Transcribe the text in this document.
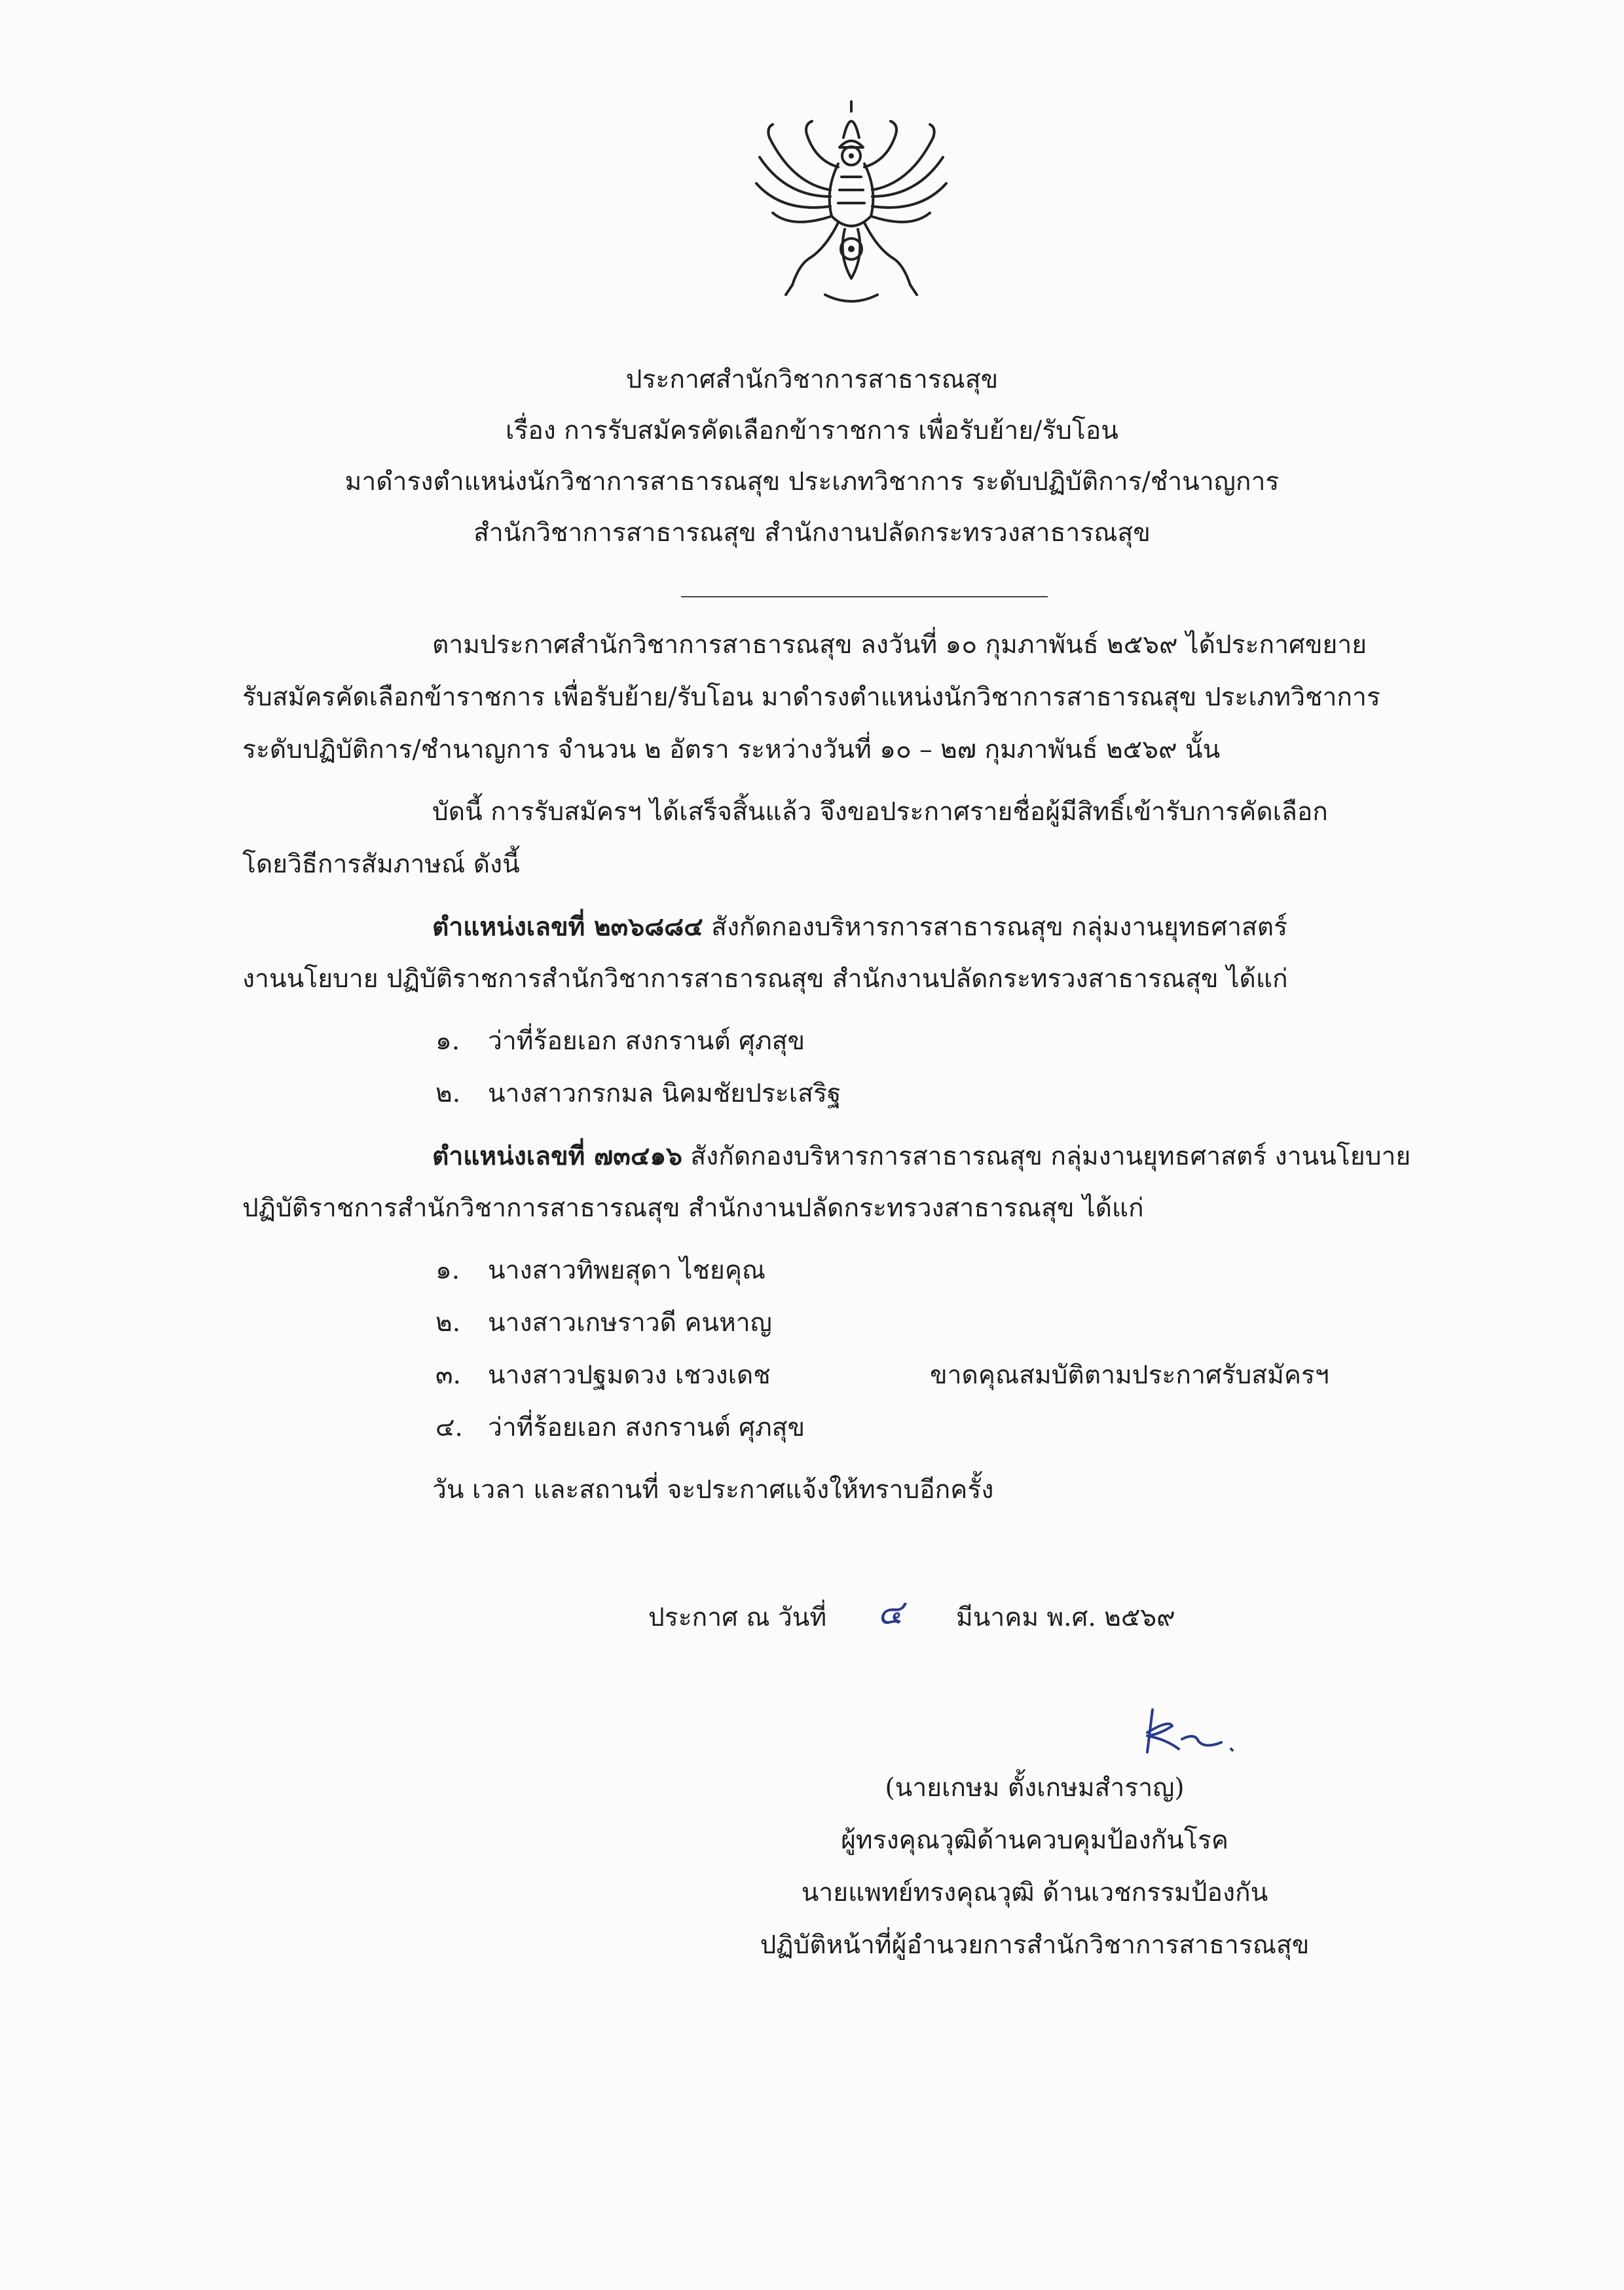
ประกาศสำนักวิชาการสาธารณสุข
เรื่อง การรับสมัครคัดเลือกข้าราชการ เพื่อรับย้าย/รับโอน
มาดำรงตำแหน่งนักวิชาการสาธารณสุข ประเภทวิชาการ ระดับปฏิบัติการ/ชำนาญการ
สำนักวิชาการสาธารณสุข สำนักงานปลัดกระทรวงสาธารณสุข
ตามประกาศสำนักวิชาการสาธารณสุข ลงวันที่ ๑๐ กุมภาพันธ์ ๒๕๖๙ ได้ประกาศขยาย
รับสมัครคัดเลือกข้าราชการ เพื่อรับย้าย/รับโอน มาดำรงตำแหน่งนักวิชาการสาธารณสุข ประเภทวิชาการ
ระดับปฏิบัติการ/ชำนาญการ จำนวน ๒ อัตรา ระหว่างวันที่ ๑๐ – ๒๗ กุมภาพันธ์ ๒๕๖๙ นั้น
บัดนี้ การรับสมัครฯ ได้เสร็จสิ้นแล้ว จึงขอประกาศรายชื่อผู้มีสิทธิ์เข้ารับการคัดเลือก
โดยวิธีการสัมภาษณ์ ดังนี้
ตำแหน่งเลขที่ ๒๓๖๘๘๔ สังกัดกองบริหารการสาธารณสุข กลุ่มงานยุทธศาสตร์
งานนโยบาย ปฏิบัติราชการสำนักวิชาการสาธารณสุข สำนักงานปลัดกระทรวงสาธารณสุข ได้แก่
๑. ว่าที่ร้อยเอก สงกรานต์ ศุภสุข
๒. นางสาวกรกมล นิคมชัยประเสริฐ
ตำแหน่งเลขที่ ๗๓๔๑๖ สังกัดกองบริหารการสาธารณสุข กลุ่มงานยุทธศาสตร์ งานนโยบาย
ปฏิบัติราชการสำนักวิชาการสาธารณสุข สำนักงานปลัดกระทรวงสาธารณสุข ได้แก่
๑. นางสาวทิพยสุดา ไชยคุณ
๒. นางสาวเกษราวดี คนหาญ
๓. นางสาวปฐมดวง เชวงเดช	ขาดคุณสมบัติตามประกาศรับสมัครฯ
๔. ว่าที่ร้อยเอก สงกรานต์ ศุภสุข
วัน เวลา และสถานที่ จะประกาศแจ้งให้ทราบอีกครั้ง
ประกาศ ณ วันที่ ๔ มีนาคม พ.ศ. ๒๕๖๙
(นายเกษม ตั้งเกษมสำราญ)
ผู้ทรงคุณวุฒิด้านควบคุมป้องกันโรค
นายแพทย์ทรงคุณวุฒิ ด้านเวชกรรมป้องกัน
ปฏิบัติหน้าที่ผู้อำนวยการสำนักวิชาการสาธารณสุข
